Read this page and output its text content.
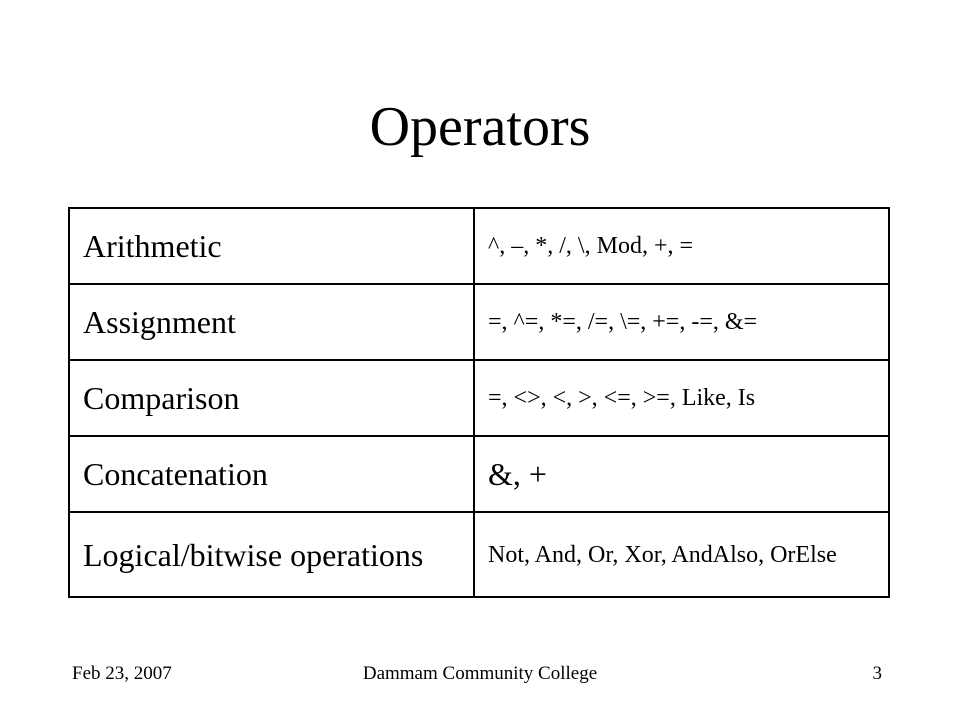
Operators
Arithmetic	^, –, *, /, \, Mod, +, =
Assignment	=, ^=, *=, /=, \=, +=, -=, &=
Comparison	=, <>, <, >, <=, >=, Like, Is
Concatenation	&, +
Logical/bitwise operations	Not, And, Or, Xor, AndAlso, OrElse
Feb 23, 2007	Dammam Community College	3
